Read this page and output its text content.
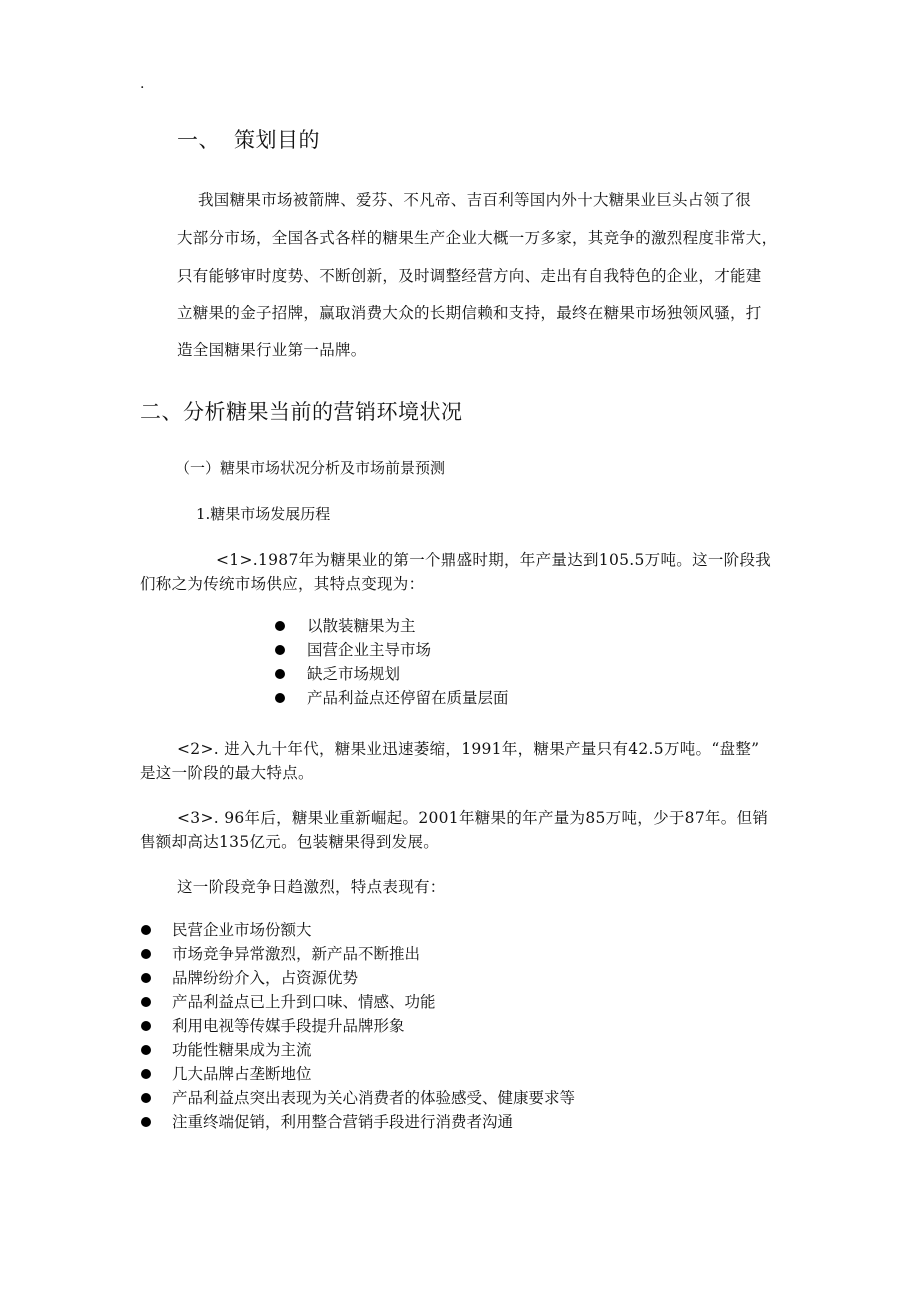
.
一、 策划目的
我国糖果市场被箭牌、爱芬、不凡帝、吉百利等国内外十大糖果业巨头占领了很
大部分市场，全国各式各样的糖果生产企业大概一万多家，其竞争的激烈程度非常大，
只有能够审时度势、不断创新，及时调整经营方向、走出有自我特色的企业，才能建
立糖果的金子招牌，赢取消费大众的长期信赖和支持，最终在糖果市场独领风骚，打
造全国糖果行业第一品牌。
二、分析糖果当前的营销环境状况
（一）糖果市场状况分析及市场前景预测
1.糖果市场发展历程
<1>.1987年为糖果业的第一个鼎盛时期，年产量达到105.5万吨。这一阶段我
们称之为传统市场供应，其特点变现为：
以散装糖果为主
国营企业主导市场
缺乏市场规划
产品利益点还停留在质量层面
<2>. 进入九十年代，糖果业迅速萎缩，1991年，糖果产量只有42.5万吨。“盘整”
是这一阶段的最大特点。
<3>. 96年后，糖果业重新崛起。2001年糖果的年产量为85万吨，少于87年。但销
售额却高达135亿元。包装糖果得到发展。
这一阶段竞争日趋激烈，特点表现有：
民营企业市场份额大
市场竞争异常激烈，新产品不断推出
品牌纷纷介入，占资源优势
产品利益点已上升到口味、情感、功能
利用电视等传媒手段提升品牌形象
功能性糖果成为主流
几大品牌占垄断地位
产品利益点突出表现为关心消费者的体验感受、健康要求等
注重终端促销，利用整合营销手段进行消费者沟通
